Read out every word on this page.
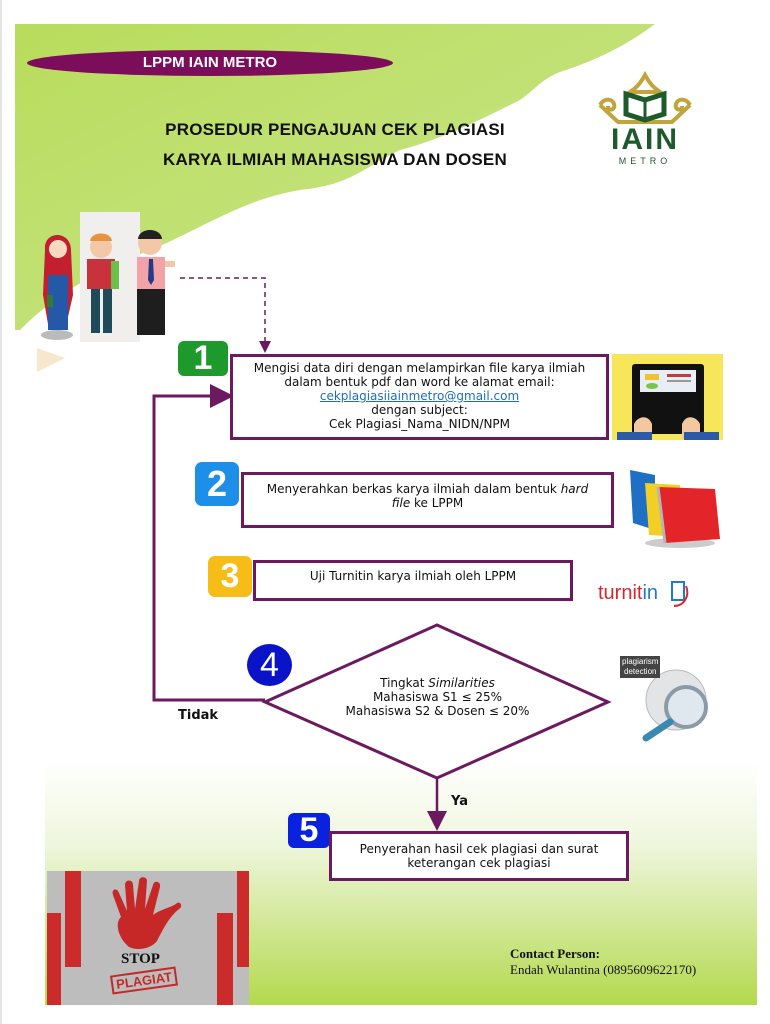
LPPM IAIN METRO
PROSEDUR PENGAJUAN CEK PLAGIASI
KARYA ILMIAH MAHASISWA DAN DOSEN
IAIN
METRO
1	Mengisi data diri dengan melampirkan file karya ilmiah
dalam bentuk pdf dan word ke alamat email:
cekplagiasiiainmetro@gmail.com
dengan subject:
Cek Plagiasi_Nama_NIDN/NPM
2	Menyerahkan berkas karya ilmiah dalam bentuk hard
file ke LPPM
3	Uji Turnitin karya ilmiah oleh LPPM
turnitin
4	Tingkat Similarities
Mahasiswa S1 ≤ 25%
Mahasiswa S2 & Dosen ≤ 20%
plagiarism
detection
Tidak
Ya
5	Penyerahan hasil cek plagiasi dan surat
keterangan cek plagiasi
STOP
PLAGIAT
Contact Person:
Endah Wulantina (0895609622170)
